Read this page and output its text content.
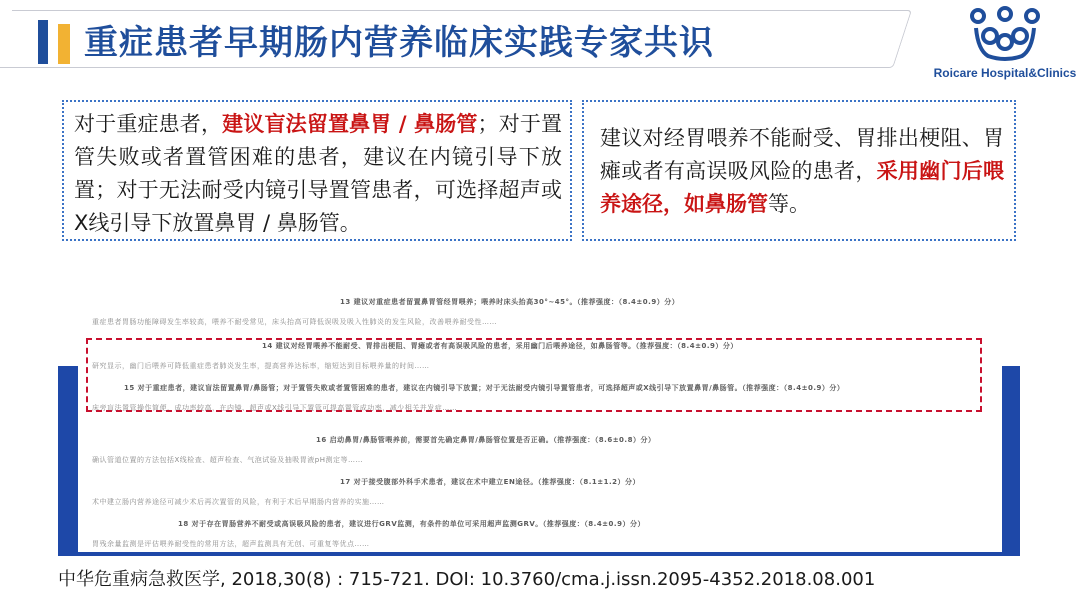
重症患者早期肠内营养临床实践专家共识
Roicare Hospital&Clinics
对于重症患者，建议盲法留置鼻胃 / 鼻肠管；对于置管失败或者置管困难的患者，建议在内镜引导下放置；对于无法耐受内镜引导置管患者，可选择超声或X线引导下放置鼻胃 / 鼻肠管。
建议对经胃喂养不能耐受、胃排出梗阻、胃瘫或者有高误吸风险的患者，采用幽门后喂养途径，如鼻肠管等。
13 建议对重症患者留置鼻胃管经胃喂养；喂养时床头抬高30°~45°。（推荐强度：（8.4±0.9）分）
重症患者胃肠功能障碍发生率较高，喂养不耐受常见，床头抬高可降低误吸及吸入性肺炎的发生风险，改善喂养耐受性……
14 建议对经胃喂养不能耐受、胃排出梗阻、胃瘫或者有高误吸风险的患者，采用幽门后喂养途径，如鼻肠管等。（推荐强度：（8.4±0.9）分）
研究显示，幽门后喂养可降低重症患者肺炎发生率，提高营养达标率，缩短达到目标喂养量的时间……
15 对于重症患者，建议盲法留置鼻胃/鼻肠管；对于置管失败或者置管困难的患者，建议在内镜引导下放置；对于无法耐受内镜引导置管患者，可选择超声或X线引导下放置鼻胃/鼻肠管。（推荐强度：（8.4±0.9）分）
床旁盲法置管操作简便，成功率较高，在内镜、超声或X线引导下置管可提高置管成功率，减少相关并发症……
16 启动鼻胃/鼻肠管喂养前，需要首先确定鼻胃/鼻肠管位置是否正确。（推荐强度：（8.6±0.8）分）
确认管道位置的方法包括X线检查、超声检查、气泡试验及抽吸胃液pH测定等……
17 对于接受腹部外科手术患者，建议在术中建立EN途径。（推荐强度：（8.1±1.2）分）
术中建立肠内营养途径可减少术后再次置管的风险，有利于术后早期肠内营养的实施……
18 对于存在胃肠营养不耐受或高误吸风险的患者，建议进行GRV监测，有条件的单位可采用超声监测GRV。（推荐强度：（8.4±0.9）分）
胃残余量监测是评估喂养耐受性的常用方法，超声监测具有无创、可重复等优点……
中华危重病急救医学, 2018,30(8) : 715-721. DOI: 10.3760/cma.j.issn.2095-4352.2018.08.001
